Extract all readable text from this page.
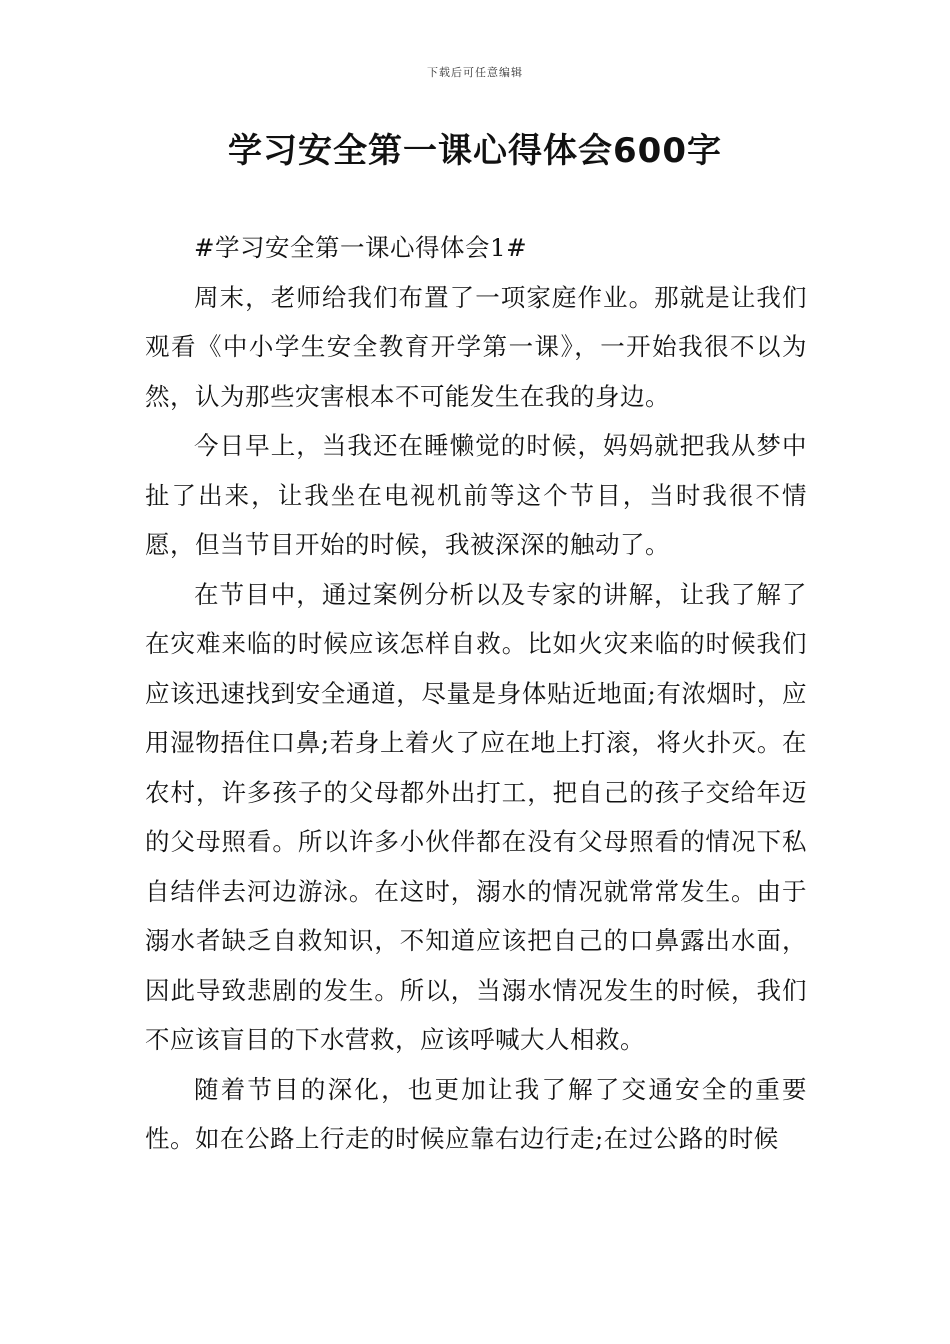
下载后可任意编辑
学习安全第一课心得体会600字

#学习安全第一课心得体会1#

周末，老师给我们布置了一项家庭作业。那就是让我们观看《中小学生安全教育开学第一课》，一开始我很不以为然，认为那些灾害根本不可能发生在我的身边。

今日早上，当我还在睡懒觉的时候，妈妈就把我从梦中扯了出来，让我坐在电视机前等这个节目，当时我很不情愿，但当节目开始的时候，我被深深的触动了。

在节目中，通过案例分析以及专家的讲解，让我了解了在灾难来临的时候应该怎样自救。比如火灾来临的时候我们应该迅速找到安全通道，尽量是身体贴近地面;有浓烟时，应用湿物捂住口鼻;若身上着火了应在地上打滚，将火扑灭。在农村，许多孩子的父母都外出打工，把自己的孩子交给年迈的父母照看。所以许多小伙伴都在没有父母照看的情况下私自结伴去河边游泳。在这时，溺水的情况就常常发生。由于溺水者缺乏自救知识，不知道应该把自己的口鼻露出水面，因此导致悲剧的发生。所以，当溺水情况发生的时候，我们不应该盲目的下水营救，应该呼喊大人相救。

随着节目的深化，也更加让我了解了交通安全的重要性。如在公路上行走的时候应靠右边行走;在过公路的时候
